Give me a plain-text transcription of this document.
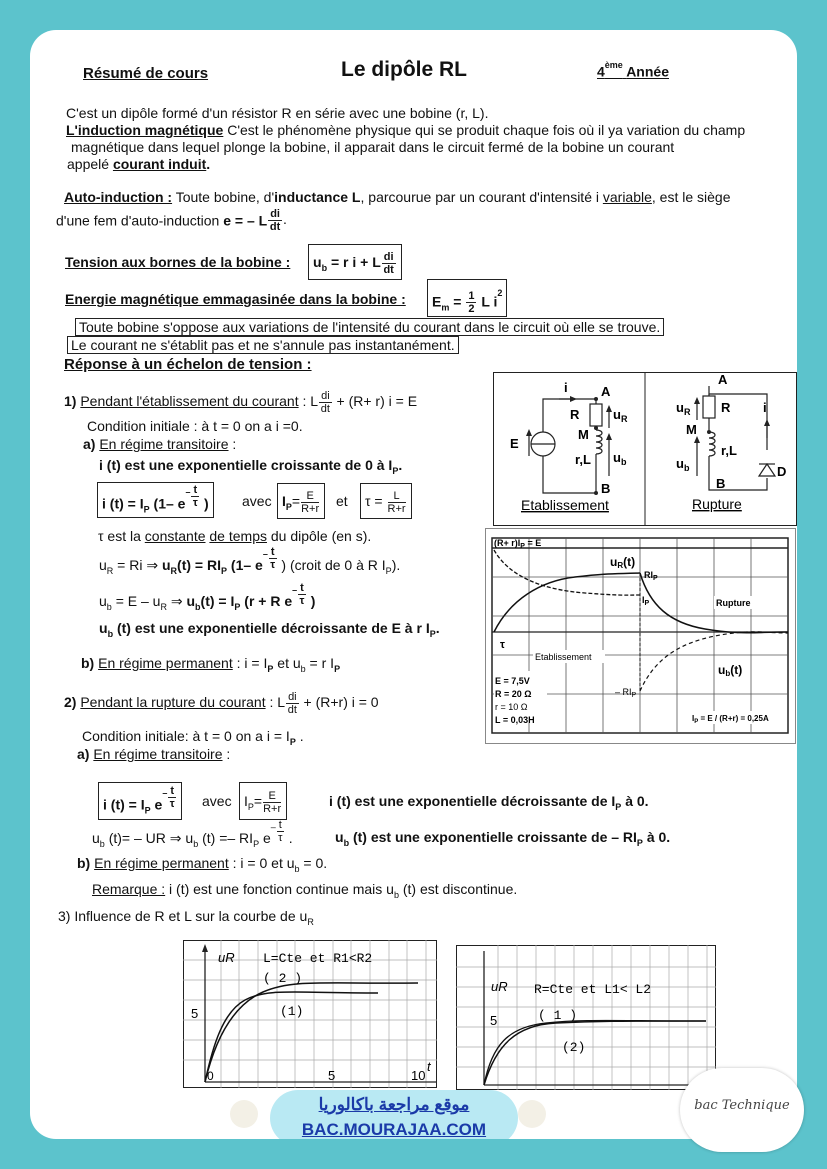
Résumé de cours	Le dipôle RL	4ème Année
C'est un dipôle formé d'un résistor R en série avec une bobine (r, L).
L'induction magnétique C'est le phénomène physique qui se produit chaque fois où il ya variation du champ
magnétique dans lequel plonge la bobine, il apparait dans le circuit fermé de la bobine un courant
appelé courant induit.
Auto-induction : Toute bobine, d'inductance L, parcourue par un courant d'intensité i variable, est le siège
d'une fem d'auto-induction e = – L $\frac{di}{dt}$ .
Tension aux bornes de la bobine :	$u_b = r$ i + L $\frac{di}{dt}$
Energie magnétique emmagasinée dans la bobine :	$E_m = \frac{1}{2}$ L $i^2$
Toute bobine s'oppose aux variations de l'intensité du courant dans le circuit où elle se trouve.
Le courant ne s'établit pas et ne s'annule pas instantanément.
Réponse à un échelon de tension :
1) Pendant l'établissement du courant : L $\frac{di}{dt} + (R+ r) i = E$
Condition initiale : à t = 0 on a i =0.
a) En régime transitoire :
i (t) est une exponentielle croissante de 0 à $I_P$.
i $(t) = I_P$ (1– $e^- \frac{t}{\tau}$ )	avec $I_P= \frac{E}{R+r}$ et	$\tau = \frac{L}{R+r}$
τ est la constante de temps du dipôle (en s).
$u_R = Ri$ ⇒ $u_R(t) = RI_P$ (1– $e^- \frac{t}{\tau}$ ) (croit de 0 à R $I_P$).
$u_b = E - u_R$ ⇒ $u_b(t) = I_P$ (r + R $e^- \frac{t}{\tau}$ )
$u_b$ (t) est une exponentielle décroissante de E à r $I_P$.
b) En régime permanent : $i = I_P$ et $u_b = r$ $I_P$
2) Pendant la rupture du courant : L $\frac{di}{dt} + (R+r) i = 0$
Condition initiale: à t = 0 on a $i = I_P$ .
a) En régime transitoire :
i $(t) = I_P$ $e^- \frac{t}{\tau}$ avec $I_P= \frac{E}{R+r}$	i (t) est une exponentielle décroissante de $I_P$ à 0.
$u_b$ (t)= – UR ⇒ $u_b$ $(t) =- RI_P$ $e^- \frac{t}{\tau}$ .	$u_b$ (t) est une exponentielle croissante de – $RI_P$ à 0.
b) En régime permanent : i = 0 et $u_b = 0$.
Remarque : i (t) est une fonction continue mais $u_b$ (t) est discontinue.
3) Influence de R et L sur la courbe de $u_R$
i	A
B
R
M
r,L
E
$u_R$
$u_b$
Etablissement
A
B
R
M
r,L
D
i
$u_R$
$u_b$
Rupture
$(R+ r)I_P = E$
uR(t)
$RI_P$
$I_P$	Rupture
τ
Etablissement
ub(t)
E = 7,5V
R = 20 Ω
r = 10 Ω
L = 0,03H
– $RI_P$
$I_P = E / (R+r) = 0,25A$
uR L=Cte et R1<R2
( 2 )
(1)
5
5	10
0
t
uR R=Cte et L1< L2
( 1 )
(2)
5
موقع مراجعة باكالوريا
BAC.MOURAJAA.COM
bac Technique
